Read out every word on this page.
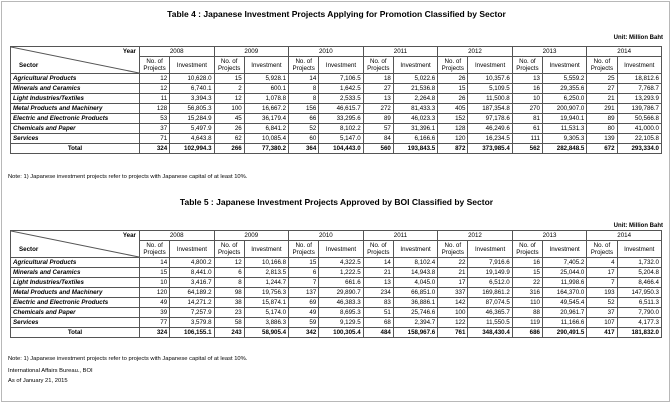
Table 4 : Japanese Investment Projects Applying for Promotion Classified by Sector
Unit: Million Baht
Year
Sector	2008		2009		2010		2011		2012		2013		2014	
	No. of Projects	Investment	No. of Projects	Investment	No. of Projects	Investment	No. of Projects	Investment	No. of Projects	Investment	No. of Projects	Investment	No. of Projects	Investment
Agricultural Products	12	10,628.0	15	5,928.1	14	7,106.5	18	5,022.6	26	10,357.6	13	5,559.2	25	18,812.6
Minerals and Ceramics	12	6,740.1	2	600.1	8	1,642.5	27	21,536.8	15	5,109.5	16	29,355.6	27	7,768.7
Light Industries/Textiles	11	3,394.3	12	1,078.8	8	2,533.5	13	2,264.8	26	11,500.8	10	6,250.0	21	13,293.9
Metal Products and Machinery	128	56,805.3	100	16,667.2	156	46,615.7	272	81,433.3	405	187,354.8	270	200,907.0	291	139,786.7
Electric and Electronic Products	53	15,284.9	45	36,179.4	66	33,295.6	89	46,023.3	152	97,178.6	81	19,940.1	89	50,566.8
Chemicals and Paper	37	5,497.9	26	6,841.2	52	8,102.2	57	31,396.1	128	46,249.6	61	11,531.3	80	41,000.0
Services	71	4,643.8	62	10,085.4	60	5,147.0	84	6,166.6	120	16,234.5	111	9,305.3	139	22,105.8
Total	324	102,994.3	266	77,380.2	364	104,443.0	560	193,843.5	872	373,985.4	562	282,848.5	672	293,334.0
Note: 1) Japanese investment projects refer to projects with Japanese capital of at least 10%.
Table 5 : Japanese Investment Projects Approved by BOI Classified by Sector
Unit: Million Baht
Year
Sector	2008		2009		2010		2011		2012		2013		2014	
	No. of Projects	Investment	No. of Projects	Investment	No. of Projects	Investment	No. of Projects	Investment	No. of Projects	Investment	No. of Projects	Investment	No. of Projects	Investment
Agricultural Products	14	4,800.2	12	10,166.8	15	4,322.5	14	8,102.4	22	7,916.6	16	7,405.2	4	1,732.0
Minerals and Ceramics	15	8,441.0	6	2,813.5	6	1,222.5	21	14,943.8	21	19,149.9	15	25,044.0	17	5,204.8
Light Industries/Textiles	10	3,416.7	8	1,244.7	7	661.6	13	4,045.0	17	6,512.0	22	11,998.6	7	8,466.4
Metal Products and Machinery	120	64,189.2	98	19,756.3	137	29,890.7	234	66,851.0	337	169,861.2	316	164,370.0	193	147,950.3
Electric and Electronic Products	49	14,271.2	38	15,874.1	69	46,383.3	83	36,886.1	142	87,074.5	110	49,545.4	52	6,511.3
Chemicals and Paper	39	7,257.9	23	5,174.0	49	8,695.3	51	25,746.6	100	46,365.7	88	20,961.7	37	7,790.0
Services	77	3,579.8	58	3,886.3	59	9,129.5	68	2,394.7	122	11,550.5	119	11,166.6	107	4,177.3
Total	324	106,155.1	243	58,905.4	342	100,305.4	484	158,967.6	761	348,430.4	686	290,491.5	417	181,832.0
Note: 1) Japanese investment projects refer to projects with Japanese capital of at least 10%.
International Affairs Bureau., BOI
As of January 21, 2015
